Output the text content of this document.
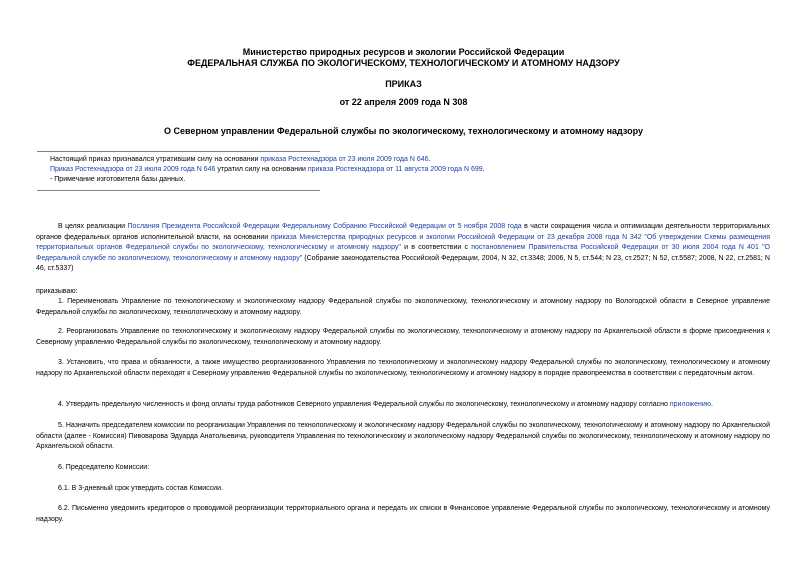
Министерство природных ресурсов и экологии Российской Федерации
ФЕДЕРАЛЬНАЯ СЛУЖБА ПО ЭКОЛОГИЧЕСКОМУ, ТЕХНОЛОГИЧЕСКОМУ И АТОМНОМУ НАДЗОРУ
ПРИКАЗ
от 22 апреля 2009 года N 308
О Северном управлении Федеральной службы по экологическому, технологическому и атомному надзору
Настоящий приказ признавался утратившим силу на основании приказа Ростехнадзора от 23 июля 2009 года N 646.
Приказ Ростехнадзора от 23 июля 2009 года N 646 утратил силу на основании приказа Ростехнадзора от 11 августа 2009 года N 699.
- Примечание изготовителя базы данных.
В целях реализации Послания Президента Российской Федерации Федеральному Собранию Российской Федерации от 5 ноября 2008 года в части сокращения числа и оптимизации деятельности территориальных органов федеральных органов исполнительной власти, на основании приказа Министерства природных ресурсов и экологии Российской Федерации от 23 декабря 2008 года N 342 "Об утверждении Схемы размещения территориальных органов Федеральной службы по экологическому, технологическому и атомному надзору" и в соответствии с постановлением Правительства Российской Федерации от 30 июля 2004 года N 401 "О Федеральной службе по экологическому, технологическому и атомному надзору" (Собрание законодательства Российской Федерации, 2004, N 32, ст.3348; 2006, N 5, ст.544; N 23, ст.2527; N 52, ст.5587; 2008, N 22, ст.2581; N 46, ст.5337)
приказываю:
1. Переименовать Управление по технологическому и экологическому надзору Федеральной службы по экологическому, технологическому и атомному надзору по Вологодской области в Северное управление Федеральной службы по экологическому, технологическому и атомному надзору.
2. Реорганизовать Управление по технологическому и экологическому надзору Федеральной службы по экологическому, технологическому и атомному надзору по Архангельской области в форме присоединения к Северному управлению Федеральной службы по экологическому, технологическому и атомному надзору.
3. Установить, что права и обязанности, а также имущество реорганизованного Управления по технологическому и экологическому надзору Федеральной службы по экологическому, технологическому и атомному надзору по Архангельской области переходят к Северному управлению Федеральной службы по экологическому, технологическому и атомному надзору в порядке правопреемства в соответствии с передаточным актом.
4. Утвердить предельную численность и фонд оплаты труда работников Северного управления Федеральной службы по экологическому, технологическому и атомному надзору согласно приложению.
5. Назначить председателем комиссии по реорганизации Управления по технологическому и экологическому надзору Федеральной службы по экологическому, технологическому и атомному надзору по Архангельской области (далее - Комиссия) Пивоварова Эдуарда Анатольевича, руководителя Управления по технологическому и экологическому надзору Федеральной службы по экологическому, технологическому и атомному надзору по Архангельской области.
6. Председателю Комиссии:
6.1. В 3-дневный срок утвердить состав Комиссии.
6.2. Письменно уведомить кредиторов о проводимой реорганизации территориального органа и передать их списки в Финансовое управление Федеральной службы по экологическому, технологическому и атомному надзору.
